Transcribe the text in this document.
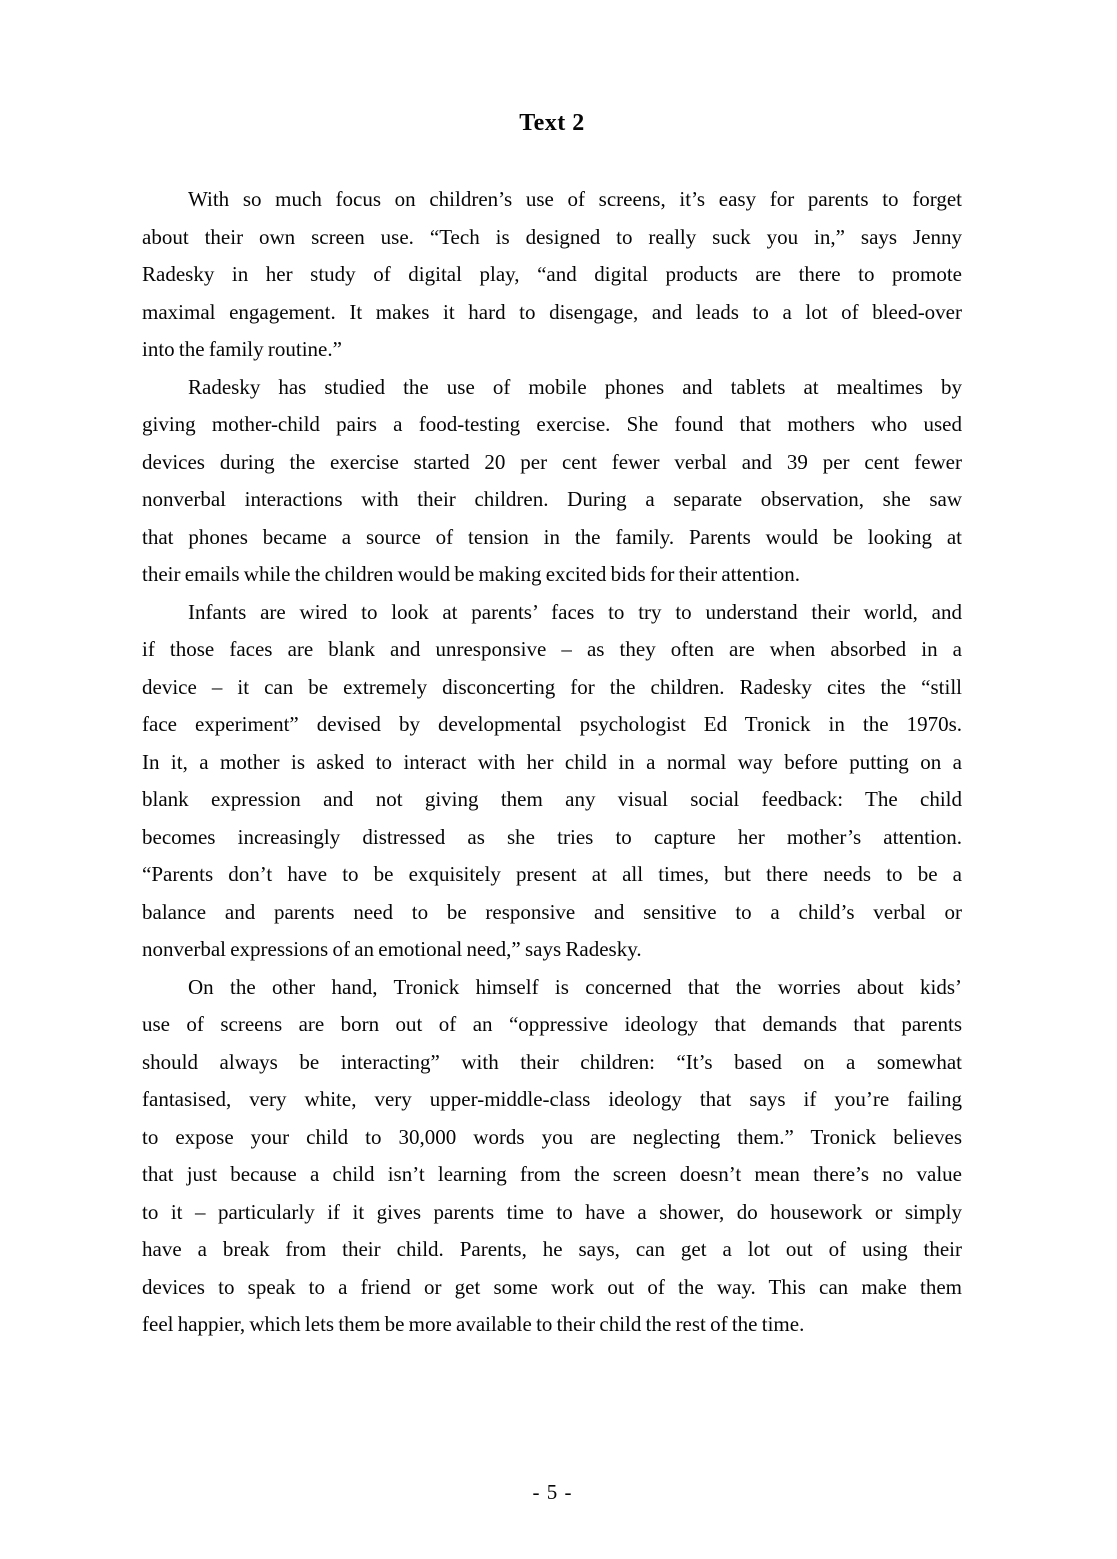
Text 2
With so much focus on children’s use of screens, it’s easy for parents to forget
about their own screen use. “Tech is designed to really suck you in,” says Jenny
Radesky in her study of digital play, “and digital products are there to promote
maximal engagement. It makes it hard to disengage, and leads to a lot of bleed-over
into the family routine.”
Radesky has studied the use of mobile phones and tablets at mealtimes by
giving mother-child pairs a food-testing exercise. She found that mothers who used
devices during the exercise started 20 per cent fewer verbal and 39 per cent fewer
nonverbal interactions with their children. During a separate observation, she saw
that phones became a source of tension in the family. Parents would be looking at
their emails while the children would be making excited bids for their attention.
Infants are wired to look at parents’ faces to try to understand their world, and
if those faces are blank and unresponsive – as they often are when absorbed in a
device – it can be extremely disconcerting for the children. Radesky cites the “still
face experiment” devised by developmental psychologist Ed Tronick in the 1970s.
In it, a mother is asked to interact with her child in a normal way before putting on a
blank expression and not giving them any visual social feedback: The child
becomes increasingly distressed as she tries to capture her mother’s attention.
“Parents don’t have to be exquisitely present at all times, but there needs to be a
balance and parents need to be responsive and sensitive to a child’s verbal or
nonverbal expressions of an emotional need,” says Radesky.
On the other hand, Tronick himself is concerned that the worries about kids’
use of screens are born out of an “oppressive ideology that demands that parents
should always be interacting” with their children: “It’s based on a somewhat
fantasised, very white, very upper-middle-class ideology that says if you’re failing
to expose your child to 30,000 words you are neglecting them.” Tronick believes
that just because a child isn’t learning from the screen doesn’t mean there’s no value
to it – particularly if it gives parents time to have a shower, do housework or simply
have a break from their child. Parents, he says, can get a lot out of using their
devices to speak to a friend or get some work out of the way. This can make them
feel happier, which lets them be more available to their child the rest of the time.
- 5 -
